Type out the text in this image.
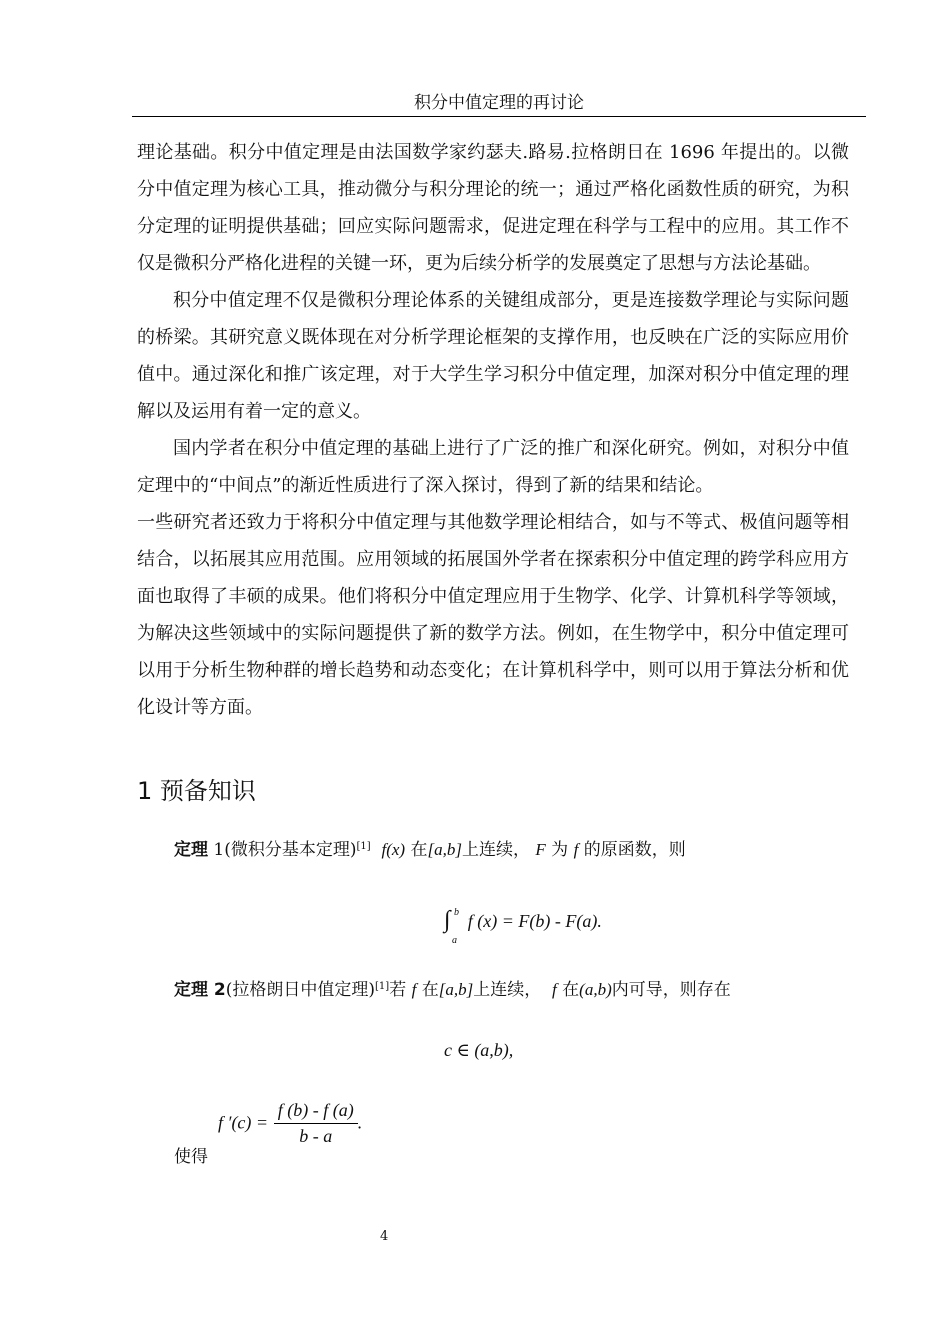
积分中值定理的再讨论

理论基础。积分中值定理是由法国数学家约瑟夫.路易.拉格朗日在 1696 年提出的。以微分中值定理为核心工具，推动微分与积分理论的统一；通过严格化函数性质的研究，为积分定理的证明提供基础；回应实际问题需求，促进定理在科学与工程中的应用。其工作不仅是微积分严格化进程的关键一环，更为后续分析学的发展奠定了思想与方法论基础。

积分中值定理不仅是微积分理论体系的关键组成部分，更是连接数学理论与实际问题的桥梁。其研究意义既体现在对分析学理论框架的支撑作用，也反映在广泛的实际应用价值中。通过深化和推广该定理，对于大学生学习积分中值定理，加深对积分中值定理的理解以及运用有着一定的意义。

国内学者在积分中值定理的基础上进行了广泛的推广和深化研究。例如，对积分中值定理中的“中间点”的渐近性质进行了深入探讨，得到了新的结果和结论。

一些研究者还致力于将积分中值定理与其他数学理论相结合，如与不等式、极值问题等相结合，以拓展其应用范围。应用领域的拓展国外学者在探索积分中值定理的跨学科应用方面也取得了丰硕的成果。他们将积分中值定理应用于生物学、化学、计算机科学等领域，为解决这些领域中的实际问题提供了新的数学方法。例如，在生物学中，积分中值定理可以用于分析生物种群的增长趋势和动态变化；在计算机科学中，则可以用于算法分析和优化设计等方面。

1 预备知识
定理 1(微积分基本定理)[1] f(x) 在[a,b]上连续， F 为 f 的原函数，则
∫ b
a
f (x) = F(b) - F(a).
定理 2(拉格朗日中值定理)[1]若 f 在[a,b]上连续， f 在(a,b)内可导，则存在
c ∈ (a,b),
f $'(c) = \frac{f (b) - f (a)}{b - a}$ .
使得
4
